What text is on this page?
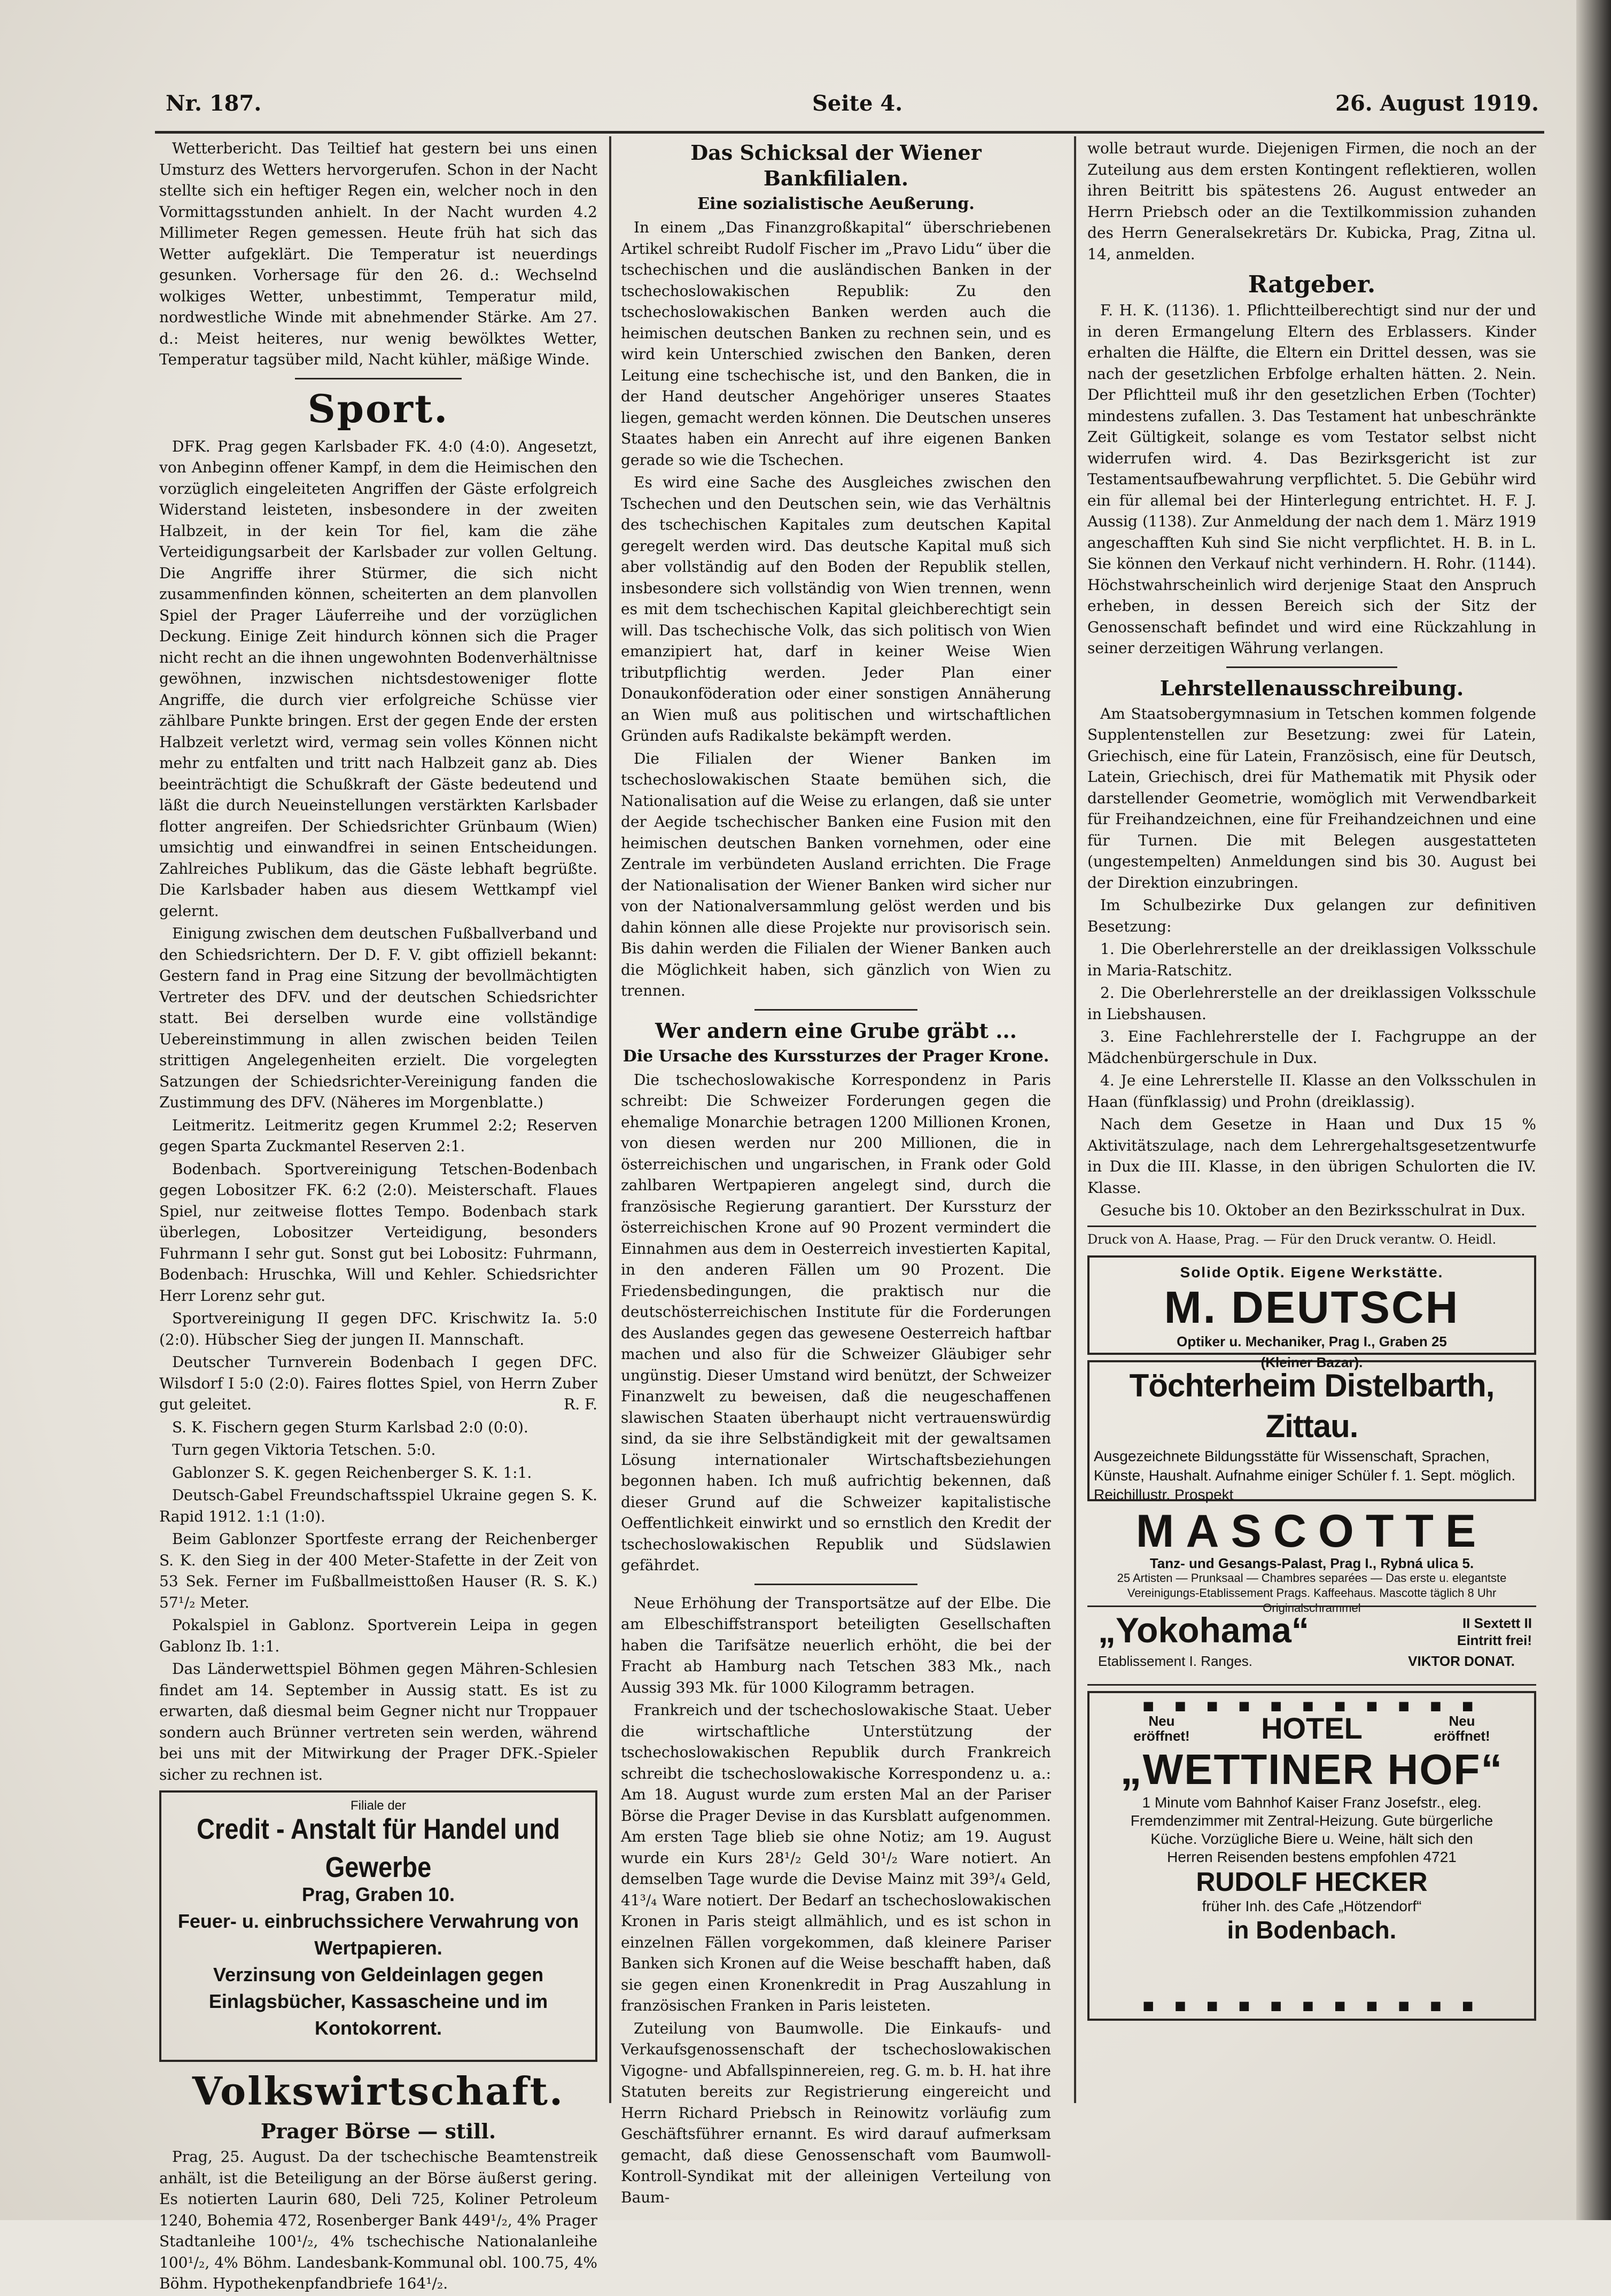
Nr. 187.	Seite 4.	26. August 1919.

Wetterbericht. Das Teiltief hat gestern bei uns einen Umsturz des Wetters hervorgerufen. Schon in der Nacht stellte sich ein heftiger Regen ein, welcher noch in den Vormittagsstunden anhielt. In der Nacht wurden 4.2 Millimeter Regen gemessen. Heute früh hat sich das Wetter aufgeklärt. Die Temperatur ist neuerdings gesunken. Vorhersage für den 26. d.: Wechselnd wolkiges Wetter, unbestimmt, Temperatur mild, nordwestliche Winde mit abnehmender Stärke. Am 27. d.: Meist heiteres, nur wenig bewölktes Wetter, Temperatur tagsüber mild, Nacht kühler, mäßige Winde.

Sport.

DFK. Prag gegen Karlsbader FK. 4:0 (4:0). Angesetzt, von Anbeginn offener Kampf, in dem die Heimischen den vorzüglich eingeleiteten Angriffen der Gäste erfolgreich Widerstand leisteten, insbesondere in der zweiten Halbzeit, in der kein Tor fiel, kam die zähe Verteidigungsarbeit der Karlsbader zur vollen Geltung. Die Angriffe ihrer Stürmer, die sich nicht zusammenfinden können, scheiterten an dem planvollen Spiel der Prager Läuferreihe und der vorzüglichen Deckung. Einige Zeit hindurch können sich die Prager nicht recht an die ihnen ungewohnten Bodenverhältnisse gewöhnen, inzwischen nichtsdestoweniger flotte Angriffe, die durch vier erfolgreiche Schüsse vier zählbare Punkte bringen. Erst der gegen Ende der ersten Halbzeit verletzt wird, vermag sein volles Können nicht mehr zu entfalten und tritt nach Halbzeit ganz ab. Dies beeinträchtigt die Schußkraft der Gäste bedeutend und läßt die durch Neueinstellungen verstärkten Karlsbader flotter angreifen. Der Schiedsrichter Grünbaum (Wien) umsichtig und einwandfrei in seinen Entscheidungen. Zahlreiches Publikum, das die Gäste lebhaft begrüßte. Die Karlsbader haben aus diesem Wettkampf viel gelernt.

Einigung zwischen dem deutschen Fußballverband und den Schiedsrichtern. Der D. F. V. gibt offiziell bekannt: Gestern fand in Prag eine Sitzung der bevollmächtigten Vertreter des DFV. und der deutschen Schiedsrichter statt. Bei derselben wurde eine vollständige Uebereinstimmung in allen zwischen beiden Teilen strittigen Angelegenheiten erzielt. Die vorgelegten Satzungen der Schiedsrichter-Vereinigung fanden die Zustimmung des DFV. (Näheres im Morgenblatte.)

Leitmeritz. Leitmeritz gegen Krummel 2:2; Reserven gegen Sparta Zuckmantel Reserven 2:1.

Bodenbach. Sportvereinigung Tetschen-Bodenbach gegen Lobositzer FK. 6:2 (2:0). Meisterschaft. Flaues Spiel, nur zeitweise flottes Tempo. Bodenbach stark überlegen, Lobositzer Verteidigung, besonders Fuhrmann I sehr gut. Sonst gut bei Lobositz: Fuhrmann, Bodenbach: Hruschka, Will und Kehler. Schiedsrichter Herr Lorenz sehr gut.

Sportvereinigung II gegen DFC. Krischwitz Ia. 5:0 (2:0). Hübscher Sieg der jungen II. Mannschaft.

Deutscher Turnverein Bodenbach I gegen DFC. Wilsdorf I 5:0 (2:0). Faires flottes Spiel, von Herrn Zuber gut geleitet.	R. F.

S. K. Fischern gegen Sturm Karlsbad 2:0 (0:0).

Turn gegen Viktoria Tetschen. 5:0.

Gablonzer S. K. gegen Reichenberger S. K. 1:1.

Deutsch-Gabel Freundschaftsspiel Ukraine gegen S. K. Rapid 1912. 1:1 (1:0).

Beim Gablonzer Sportfeste errang der Reichenberger S. K. den Sieg in der 400 Meter-Stafette in der Zeit von 53 Sek. Ferner im Fußballmeisttoßen Hauser (R. S. K.) 57¹/₂ Meter.

Pokalspiel in Gablonz. Sportverein Leipa in gegen Gablonz Ib. 1:1.

Das Länderwettspiel Böhmen gegen Mähren-Schlesien findet am 14. September in Aussig statt. Es ist zu erwarten, daß diesmal beim Gegner nicht nur Troppauer sondern auch Brünner vertreten sein werden, während bei uns mit der Mitwirkung der Prager DFK.-Spieler sicher zu rechnen ist.

Filiale der
Credit - Anstalt für Handel und Gewerbe
Prag, Graben 10.
Feuer- u. einbruchssichere Verwahrung von Wertpapieren.
Verzinsung von Geldeinlagen gegen Einlagsbücher, Kassascheine und im Kontokorrent.
Volkswirtschaft.
Prager Börse — still.

Prag, 25. August. Da der tschechische Beamtenstreik anhält, ist die Beteiligung an der Börse äußerst gering. Es notierten Laurin 680, Deli 725, Koliner Petroleum 1240, Bohemia 472, Rosenberger Bank 449¹/₂, 4% Prager Stadtanleihe 100¹/₂, 4% tschechische Nationalanleihe 100¹/₂, 4% Böhm. Landesbank-Kommunal obl. 100.75, 4% Böhm. Hypothekenpfandbriefe 164¹/₂.

Das Schicksal der Wiener Bankfilialen.
Eine sozialistische Aeußerung.

In einem „Das Finanzgroßkapital“ überschriebenen Artikel schreibt Rudolf Fischer im „Pravo Lidu“ über die tschechischen und die ausländischen Banken in der tschechoslowakischen Republik: Zu den tschechoslowakischen Banken werden auch die heimischen deutschen Banken zu rechnen sein, und es wird kein Unterschied zwischen den Banken, deren Leitung eine tschechische ist, und den Banken, die in der Hand deutscher Angehöriger unseres Staates liegen, gemacht werden können. Die Deutschen unseres Staates haben ein Anrecht auf ihre eigenen Banken gerade so wie die Tschechen.

Es wird eine Sache des Ausgleiches zwischen den Tschechen und den Deutschen sein, wie das Verhältnis des tschechischen Kapitales zum deutschen Kapital geregelt werden wird. Das deutsche Kapital muß sich aber vollständig auf den Boden der Republik stellen, insbesondere sich vollständig von Wien trennen, wenn es mit dem tschechischen Kapital gleichberechtigt sein will. Das tschechische Volk, das sich politisch von Wien emanzipiert hat, darf in keiner Weise Wien tributpflichtig werden. Jeder Plan einer Donaukonföderation oder einer sonstigen Annäherung an Wien muß aus politischen und wirtschaftlichen Gründen aufs Radikalste bekämpft werden.

Die Filialen der Wiener Banken im tschechoslowakischen Staate bemühen sich, die Nationalisation auf die Weise zu erlangen, daß sie unter der Aegide tschechischer Banken eine Fusion mit den heimischen deutschen Banken vornehmen, oder eine Zentrale im verbündeten Ausland errichten. Die Frage der Nationalisation der Wiener Banken wird sicher nur von der Nationalversammlung gelöst werden und bis dahin können alle diese Projekte nur provisorisch sein. Bis dahin werden die Filialen der Wiener Banken auch die Möglichkeit haben, sich gänzlich von Wien zu trennen.

Wer andern eine Grube gräbt ...
Die Ursache des Kurssturzes der Prager Krone.

Die tschechoslowakische Korrespondenz in Paris schreibt: Die Schweizer Forderungen gegen die ehemalige Monarchie betragen 1200 Millionen Kronen, von diesen werden nur 200 Millionen, die in österreichischen und ungarischen, in Frank oder Gold zahlbaren Wertpapieren angelegt sind, durch die französische Regierung garantiert. Der Kurssturz der österreichischen Krone auf 90 Prozent vermindert die Einnahmen aus dem in Oesterreich investierten Kapital, in den anderen Fällen um 90 Prozent. Die Friedensbedingungen, die praktisch nur die deutschösterreichischen Institute für die Forderungen des Auslandes gegen das gewesene Oesterreich haftbar machen und also für die Schweizer Gläubiger sehr ungünstig. Dieser Umstand wird benützt, der Schweizer Finanzwelt zu beweisen, daß die neugeschaffenen slawischen Staaten überhaupt nicht vertrauenswürdig sind, da sie ihre Selbständigkeit mit der gewaltsamen Lösung internationaler Wirtschaftsbeziehungen begonnen haben. Ich muß aufrichtig bekennen, daß dieser Grund auf die Schweizer kapitalistische Oeffentlichkeit einwirkt und so ernstlich den Kredit der tschechoslowakischen Republik und Südslawien gefährdet.

Neue Erhöhung der Transportsätze auf der Elbe. Die am Elbeschiffstransport beteiligten Gesellschaften haben die Tarifsätze neuerlich erhöht, die bei der Fracht ab Hamburg nach Tetschen 383 Mk., nach Aussig 393 Mk. für 1000 Kilogramm betragen.

Frankreich und der tschechoslowakische Staat. Ueber die wirtschaftliche Unterstützung der tschechoslowakischen Republik durch Frankreich schreibt die tschechoslowakische Korrespondenz u. a.: Am 18. August wurde zum ersten Mal an der Pariser Börse die Prager Devise in das Kursblatt aufgenommen. Am ersten Tage blieb sie ohne Notiz; am 19. August wurde ein Kurs 28¹/₂ Geld 30¹/₂ Ware notiert. An demselben Tage wurde die Devise Mainz mit 39³/₄ Geld, 41³/₄ Ware notiert. Der Bedarf an tschechoslowakischen Kronen in Paris steigt allmählich, und es ist schon in einzelnen Fällen vorgekommen, daß kleinere Pariser Banken sich Kronen auf die Weise beschafft haben, daß sie gegen einen Kronenkredit in Prag Auszahlung in französischen Franken in Paris leisteten.

Zuteilung von Baumwolle. Die Einkaufs- und Verkaufsgenossenschaft der tschechoslowakischen Vigogne- und Abfallspinnereien, reg. G. m. b. H. hat ihre Statuten bereits zur Registrierung eingereicht und Herrn Richard Priebsch in Reinowitz vorläufig zum Geschäftsführer ernannt. Es wird darauf aufmerksam gemacht, daß diese Genossenschaft vom Baumwoll-Kontroll-Syndikat mit der alleinigen Verteilung von Baum-

wolle betraut wurde. Diejenigen Firmen, die noch an der Zuteilung aus dem ersten Kontingent reflektieren, wollen ihren Beitritt bis spätestens 26. August entweder an Herrn Priebsch oder an die Textilkommission zuhanden des Herrn Generalsekretärs Dr. Kubicka, Prag, Zitna ul. 14, anmelden.

Ratgeber.

F. H. K. (1136). 1. Pflichtteilberechtigt sind nur der und in deren Ermangelung Eltern des Erblassers. Kinder erhalten die Hälfte, die Eltern ein Drittel dessen, was sie nach der gesetzlichen Erbfolge erhalten hätten. 2. Nein. Der Pflichtteil muß ihr den gesetzlichen Erben (Tochter) mindestens zufallen. 3. Das Testament hat unbeschränkte Zeit Gültigkeit, solange es vom Testator selbst nicht widerrufen wird. 4. Das Bezirksgericht ist zur Testamentsaufbewahrung verpflichtet. 5. Die Gebühr wird ein für allemal bei der Hinterlegung entrichtet. H. F. J. Aussig (1138). Zur Anmeldung der nach dem 1. März 1919 angeschafften Kuh sind Sie nicht verpflichtet. H. B. in L. Sie können den Verkauf nicht verhindern. H. Rohr. (1144). Höchstwahrscheinlich wird derjenige Staat den Anspruch erheben, in dessen Bereich sich der Sitz der Genossenschaft befindet und wird eine Rückzahlung in seiner derzeitigen Währung verlangen.

Lehrstellenausschreibung.

Am Staatsobergymnasium in Tetschen kommen folgende Supplentenstellen zur Besetzung: zwei für Latein, Griechisch, eine für Latein, Französisch, eine für Deutsch, Latein, Griechisch, drei für Mathematik mit Physik oder darstellender Geometrie, womöglich mit Verwendbarkeit für Freihandzeichnen, eine für Freihandzeichnen und eine für Turnen. Die mit Belegen ausgestatteten (ungestempelten) Anmeldungen sind bis 30. August bei der Direktion einzubringen.

Im Schulbezirke Dux gelangen zur definitiven Besetzung:

1. Die Oberlehrerstelle an der dreiklassigen Volksschule in Maria-Ratschitz.

2. Die Oberlehrerstelle an der dreiklassigen Volksschule in Liebshausen.

3. Eine Fachlehrerstelle der I. Fachgruppe an der Mädchenbürgerschule in Dux.

4. Je eine Lehrerstelle II. Klasse an den Volksschulen in Haan (fünfklassig) und Prohn (dreiklassig).

Nach dem Gesetze in Haan und Dux 15 % Aktivitätszulage, nach dem Lehrergehaltsgesetzentwurfe in Dux die III. Klasse, in den übrigen Schulorten die IV. Klasse.

Gesuche bis 10. Oktober an den Bezirksschulrat in Dux.

Druck von A. Haase, Prag. — Für den Druck verantw. O. Heidl.
Solide Optik. Eigene Werkstätte.
M. DEUTSCH
Optiker u. Mechaniker, Prag I., Graben 25
(Kleiner Bazar).
Töchterheim Distelbarth, Zittau.
Ausgezeichnete Bildungsstätte für Wissenschaft, Sprachen, Künste, Haushalt. Aufnahme einiger Schüler f. 1. Sept. möglich. Reichillustr. Prospekt
MASCOTTE
Tanz- und Gesangs-Palast, Prag I., Rybná ulica 5.
25 Artisten — Prunksaal — Chambres separées — Das erste u. elegantste Vereinigungs-Etablissement Prags. Kaffeehaus. Mascotte täglich 8 Uhr Originalschrammel
II Sextett II
Eintritt frei!
„Yokohama“
Etablissement I. Ranges.	VIKTOR DONAT.
■ ■ ■ ■ ■ ■ ■ ■ ■ ■ ■
Neu eröffnet! HOTEL	Neu eröffnet!
„WETTINER HOF“
1 Minute vom Bahnhof Kaiser Franz Josefstr., eleg. Fremdenzimmer mit Zentral-Heizung. Gute bürgerliche Küche. Vorzügliche Biere u. Weine, hält sich den Herren Reisenden bestens empfohlen 4721
RUDOLF HECKER
früher Inh. des Cafe „Hötzendorf“
in Bodenbach.
■ ■ ■ ■ ■ ■ ■ ■ ■ ■ ■
